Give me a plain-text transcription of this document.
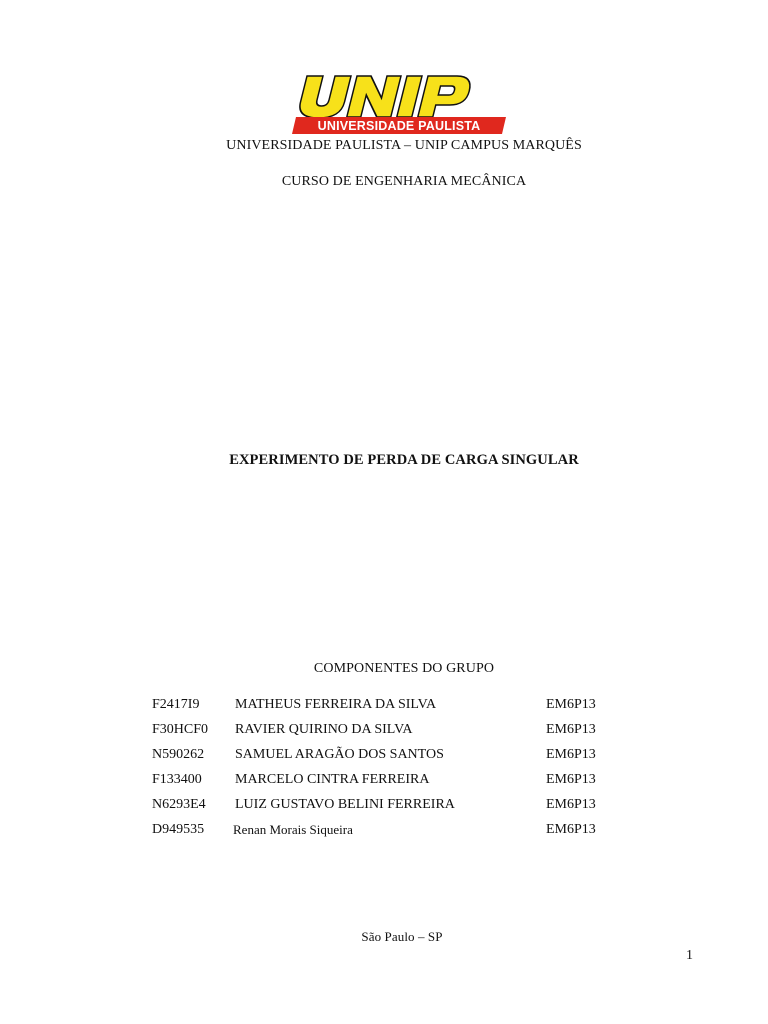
UNIVERSIDADE PAULISTA
UNIVERSIDADE PAULISTA – UNIP CAMPUS MARQUÊS
CURSO DE ENGENHARIA MECÂNICA
EXPERIMENTO DE PERDA DE CARGA SINGULAR
COMPONENTES DO GRUPO
F2417I9	MATHEUS FERREIRA DA SILVA	EM6P13
F30HCF0 RAVIER QUIRINO DA SILVA	EM6P13
N590262 SAMUEL ARAGÃO DOS SANTOS	EM6P13
F133400 MARCELO CINTRA FERREIRA	EM6P13
N6293E4 LUIZ GUSTAVO BELINI FERREIRA	EM6P13
D949535 Renan Morais Siqueira	EM6P13
São Paulo – SP
1
